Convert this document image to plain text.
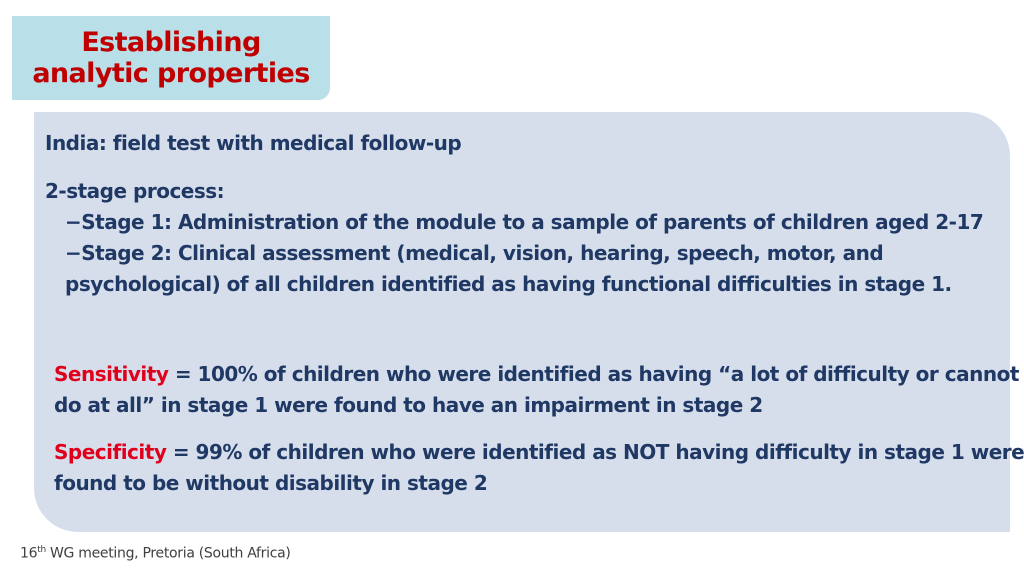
Establishing
analytic properties
India: field test with medical follow-up
2-stage process:
−Stage 1: Administration of the module to a sample of parents of children aged 2-17
−Stage 2: Clinical assessment (medical, vision, hearing, speech, motor, and
psychological) of all children identified as having functional difficulties in stage 1.
Sensitivity = 100% of children who were identified as having “a lot of difficulty or cannot
do at all” in stage 1 were found to have an impairment in stage 2
Specificity = 99% of children who were identified as NOT having difficulty in stage 1 were
found to be without disability in stage 2
16th WG meeting, Pretoria (South Africa)
